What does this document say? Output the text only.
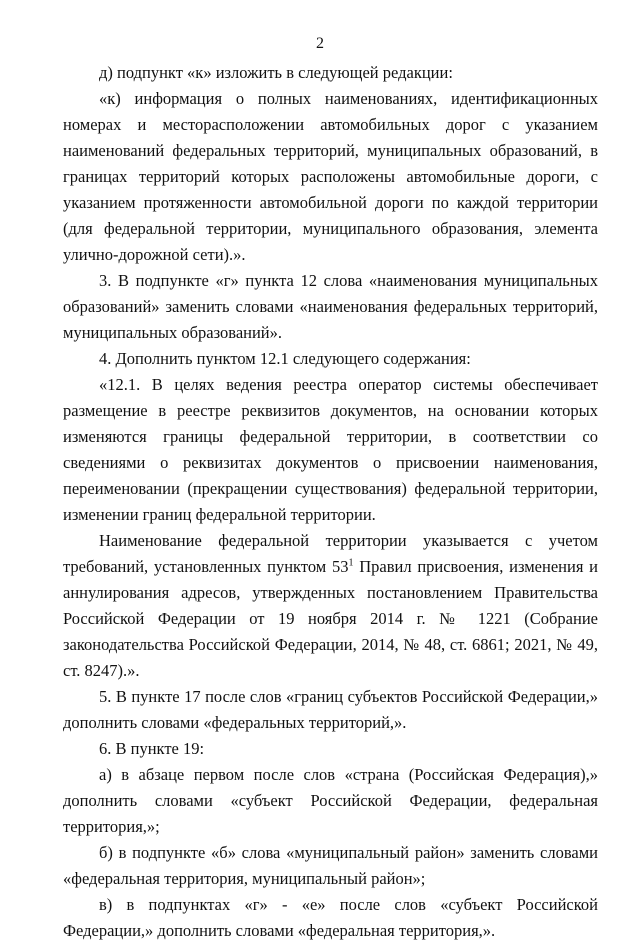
2

д) подпункт «к» изложить в следующей редакции:

«к) информация о полных наименованиях, идентификационных номерах и месторасположении автомобильных дорог с указанием наименований федеральных территорий, муниципальных образований, в границах территорий которых расположены автомобильные дороги, с указанием протяженности автомобильной дороги по каждой территории (для федеральной территории, муниципального образования, элемента улично-дорожной сети).».

3. В подпункте «г» пункта 12 слова «наименования муниципальных образований» заменить словами «наименования федеральных территорий, муниципальных образований».

4. Дополнить пунктом 12.1 следующего содержания:

«12.1. В целях ведения реестра оператор системы обеспечивает размещение в реестре реквизитов документов, на основании которых изменяются границы федеральной территории, в соответствии со сведениями о реквизитах документов о присвоении наименования, переименовании (прекращении существования) федеральной территории, изменении границ федеральной территории.

Наименование федеральной территории указывается с учетом требований, установленных пунктом $53^1$ Правил присвоения, изменения и аннулирования адресов, утвержденных постановлением Правительства Российской Федерации от 19 ноября 2014 г. № 1221 (Собрание законодательства Российской Федерации, 2014, № 48, ст. 6861; 2021, № 49, ст. 8247).».

5. В пункте 17 после слов «границ субъектов Российской Федерации,» дополнить словами «федеральных территорий,».

6. В пункте 19:

а) в абзаце первом после слов «страна (Российская Федерация),» дополнить словами «субъект Российской Федерации, федеральная территория,»;

б) в подпункте «б» слова «муниципальный район» заменить словами «федеральная территория, муниципальный район»;

в) в подпунктах «г» - «е» после слов «субъект Российской Федерации,» дополнить словами «федеральная территория,».
